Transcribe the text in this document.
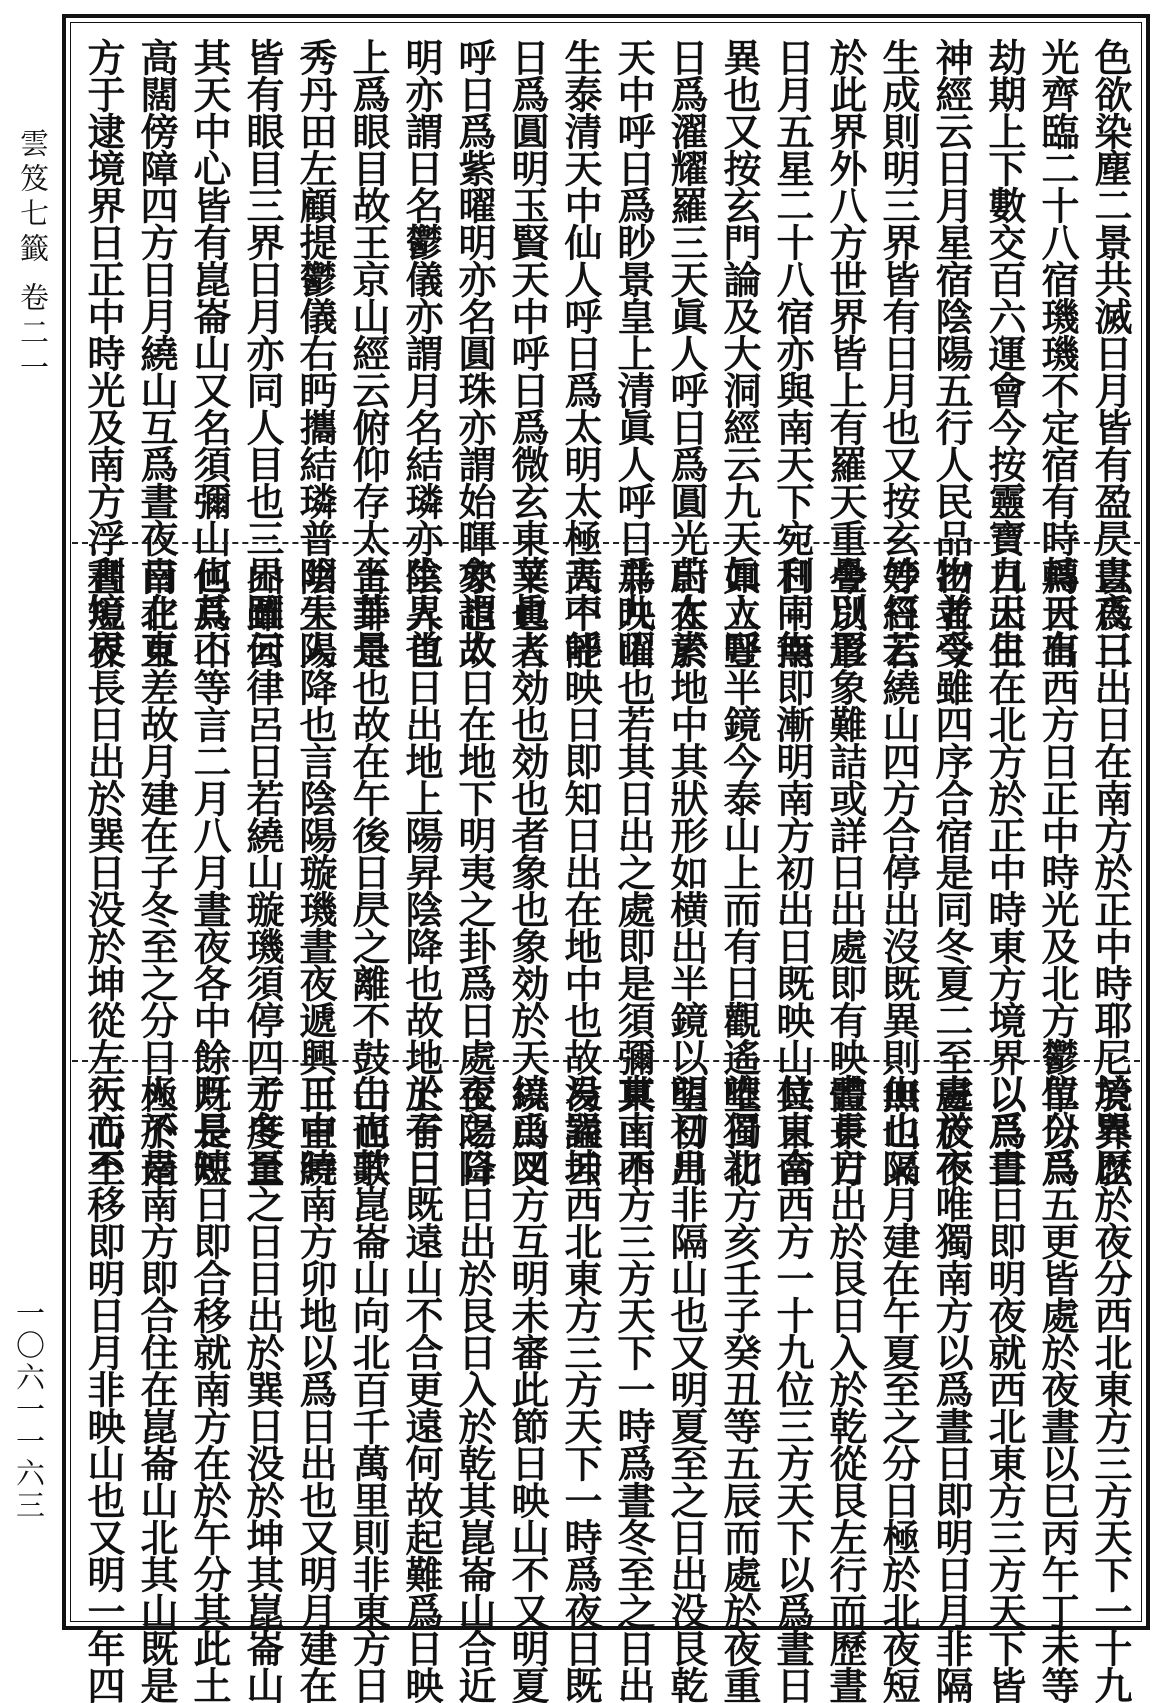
雲笈七籤
卷二一
一〇六一一六三
色欲染塵二景共滅日月皆有盈昃晝夜三
光齊臨二十八宿璣璣不定宿有時轉天有
劫期上下數交百六運會今按靈寶九天生
神經云日月星宿陰陽五行人民品物並受
生成則明三界皆有日月也又按玄妙經云
於此界外八方世界皆上有羅天重疊別置
日月五星二十八宿亦與南天下宛利同無
異也又按玄門論及大洞經云九天眞人呼
日爲濯耀羅三天眞人呼日爲圓光蔚太素
天中呼日爲眇景皇上清眞人呼日爲九曜
生泰清天中仙人呼日爲太明太極天中呼
日爲圓明玉賢天中呼日爲微玄東華眞人
呼日爲紫曜明亦名圓珠亦謂始暉亦謂太
明亦謂日名鬱儀亦謂月名結璘亦生人首
上爲眼目故王京山經云俯仰存太上華景
秀丹田左顧提鬱儀右眄攜結璘普明天人
皆有眼目三界日月亦同人目也三界圖云
其天中心皆有崑崙山又名須彌山也其山
高闊傍障四方日月繞山互爲晝夜日在東
方于逮境界日正中時光及南方浮利境界
以爲日出日在南方於正中時耶尼境界以
爲日出西方日正中時光及北方鬱單以爲
日出日在北方於正中時東方境界以爲日
出者今雖四序合宿是同冬夏二至晝夜不
等日若繞山四方合停出沒既異則無山隔
今以形象難詰或詳日出處即有映體東方
日中南即漸明南方初出日既映山其日合
如立豎半鏡今泰山上而有日觀遙望日初
出在於地中其狀形如横出半鏡以望初出
非映山也若其日出之處即是須彌其山不
高不能映日即知日出在地中也故易謚云
叉也者効也効也者象也象効於天以爲叉
象也故日在地下明夷之卦爲日處夜陽降
陰昇也日出地上陽昇陰降也故地上有日
晉卦是也故在午後日昃之離不鼓缶而歌
陰生陽降也言陰陽璇璣晝夜遞興日直繞
山雖何律呂日若繞山璇璣須停四方度量
何爲不等言二月八月晝夜各中餘月長短
南北互差故月建在子冬至之分日極於南
晝短夜長日出於巽日没於坤從左行而至
於巽歷於夜分西北東方三方天下一十九
位分爲五更皆處於夜晝以巳丙午丁未等
以爲晝日即明夜就西北東方三方天下皆
處於夜唯獨南方以爲晝日即明日月非隔
山也又月建在午夏至之分日極於北夜短
晝長日出於艮日入於乾從艮左行而歷晝
位東南西方一十九位三方天下以爲晝日
唯獨北方亥壬子癸丑等五辰而處於夜重
明日月非隔山也又明夏至之日出没艮乾
東南西方三方天下一時爲晝冬至之日出
没巽坤西北東方三方天下一時爲夜日既
繞山四方互明未審此節日映山不又明夏
至之日日出於艮日入於乾其崑崙山合近
於子日既遠山不合更遠何故起難爲日映
山也其崑崙山向北百千萬里則非東方日
正中時南方卯地以爲日出也又明月建在
子冬至之日日出於巽日没於坤其崑崙山
既是映日即合移就南方在於午分其此土
人不是南方即合住在崑崙山北其山既是
天心不移即明日月非映山也又明一年四
